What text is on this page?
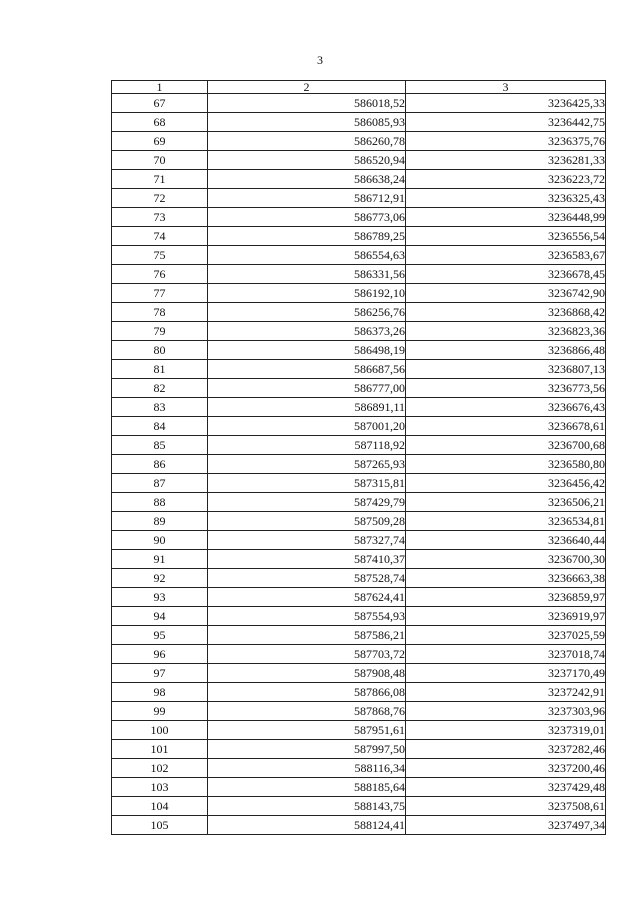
3
1	2	3
67	586018,52	3236425,33
68	586085,93	3236442,75
69	586260,78	3236375,76
70	586520,94	3236281,33
71	586638,24	3236223,72
72	586712,91	3236325,43
73	586773,06	3236448,99
74	586789,25	3236556,54
75	586554,63	3236583,67
76	586331,56	3236678,45
77	586192,10	3236742,90
78	586256,76	3236868,42
79	586373,26	3236823,36
80	586498,19	3236866,48
81	586687,56	3236807,13
82	586777,00	3236773,56
83	586891,11	3236676,43
84	587001,20	3236678,61
85	587118,92	3236700,68
86	587265,93	3236580,80
87	587315,81	3236456,42
88	587429,79	3236506,21
89	587509,28	3236534,81
90	587327,74	3236640,44
91	587410,37	3236700,30
92	587528,74	3236663,38
93	587624,41	3236859,97
94	587554,93	3236919,97
95	587586,21	3237025,59
96	587703,72	3237018,74
97	587908,48	3237170,49
98	587866,08	3237242,91
99	587868,76	3237303,96
100	587951,61	3237319,01
101	587997,50	3237282,46
102	588116,34	3237200,46
103	588185,64	3237429,48
104	588143,75	3237508,61
105	588124,41	3237497,34
